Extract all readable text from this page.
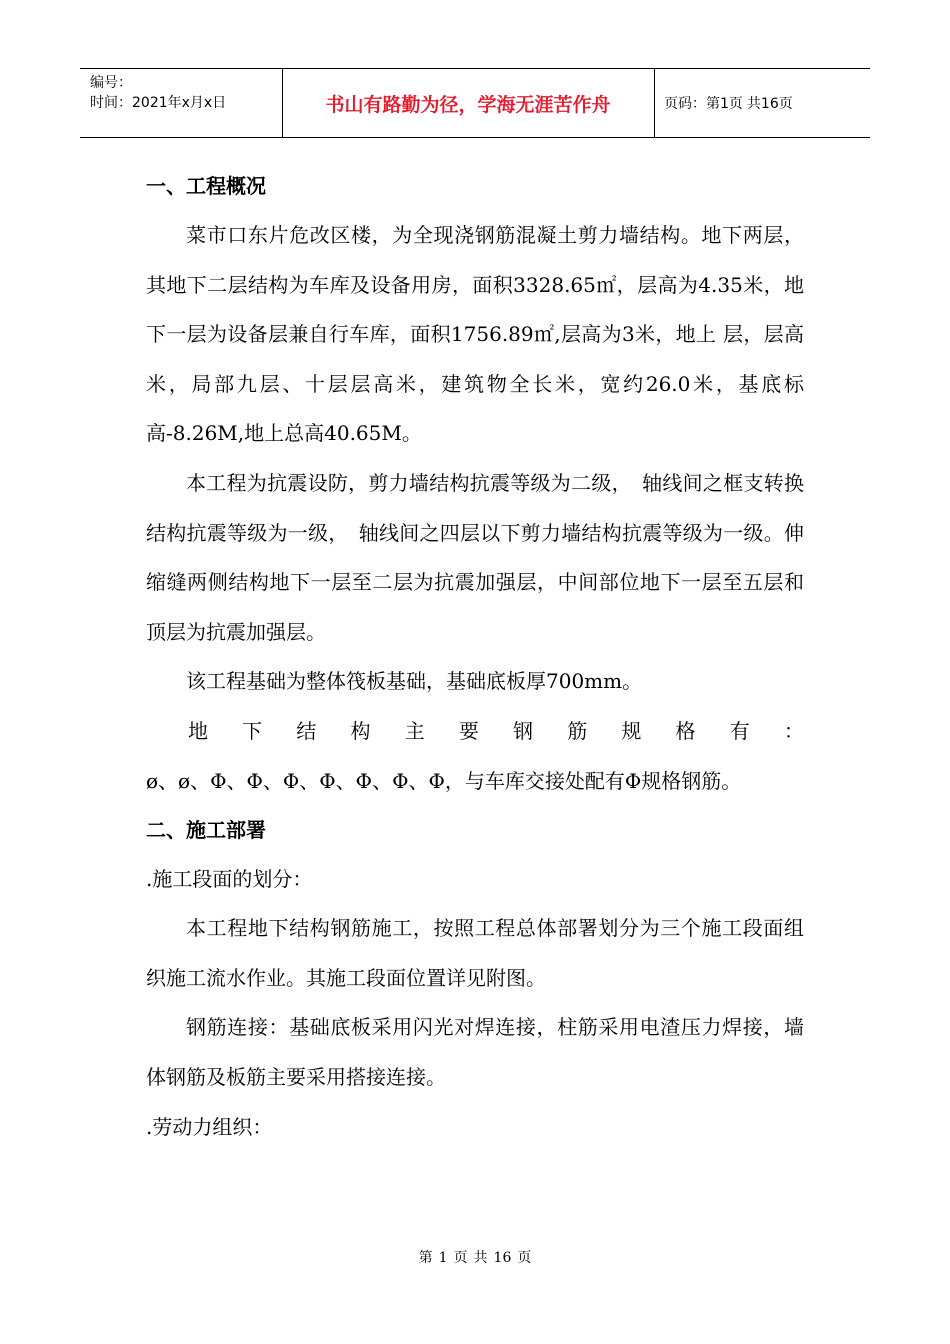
编号：
时间：2021年x月x日	书山有路勤为径，学海无涯苦作舟	页码：第1页 共16页
一、工程概况

菜市口东片危改区楼，为全现浇钢筋混凝土剪力墙结构。地下两层，其地下二层结构为车库及设备用房，面积3328.65㎡，层高为4.35米，地下一层为设备层兼自行车库，面积1756.89㎡,层高为3米，地上 层，层高米，局部九层、十层层高米，建筑物全长米，宽约26.0米，基底标高-8.26M,地上总高40.65M。

本工程为抗震设防，剪力墙结构抗震等级为二级，　轴线间之框支转换结构抗震等级为一级，　轴线间之四层以下剪力墙结构抗震等级为一级。伸缩缝两侧结构地下一层至二层为抗震加强层，中间部位地下一层至五层和顶层为抗震加强层。

该工程基础为整体筏板基础，基础底板厚700mm。

地 下 结 构 主 要 钢 筋 规 格 有 ：

ø、ø、Φ、Φ、Φ、Φ、Φ、Φ、Φ，与车库交接处配有Φ规格钢筋。

二、施工部署
.施工段面的划分：

本工程地下结构钢筋施工，按照工程总体部署划分为三个施工段面组织施工流水作业。其施工段面位置详见附图。

钢筋连接：基础底板采用闪光对焊连接，柱筋采用电渣压力焊接，墙体钢筋及板筋主要采用搭接连接。

.劳动力组织：
第 1 页 共 16 页
